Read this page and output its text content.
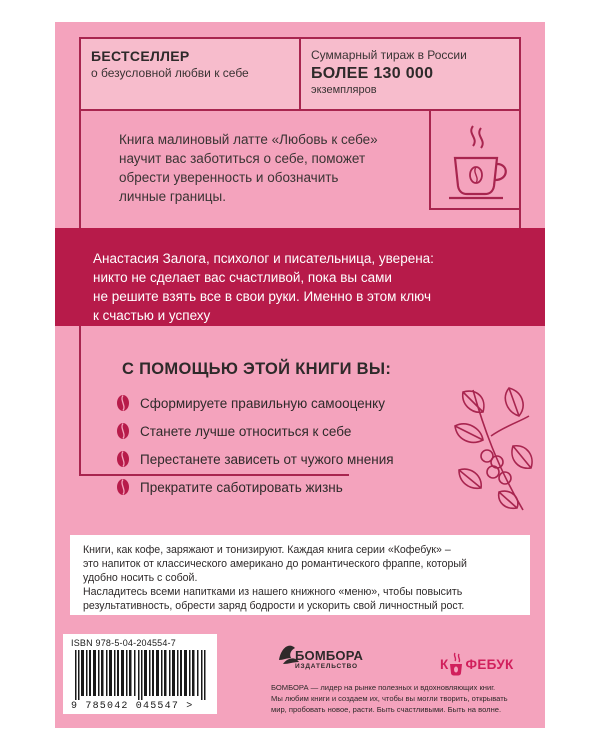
БЕСТСЕЛЛЕР
о безусловной любви к себе
Суммарный тираж в России
БОЛЕЕ 130 000
экземпляров
Книга малиновый латте «Любовь к себе»
научит вас заботиться о себе, поможет
обрести уверенность и обозначить
личные границы.
Анастасия Залога, психолог и писательница, уверена:
никто не сделает вас счастливой, пока вы сами
не решите взять все в свои руки. Именно в этом ключ
к счастью и успеху
С ПОМОЩЬЮ ЭТОЙ КНИГИ ВЫ:
Сформируете правильную самооценку
Станете лучше относиться к себе
Перестанете зависеть от чужого мнения
Прекратите саботировать жизнь
Книги, как кофе, заряжают и тонизируют. Каждая книга серии «Кофебук» –
это напиток от классического американо до романтического фраппе, который
удобно носить с собой.
Насладитесь всеми напитками из нашего книжного «меню», чтобы повысить
результативность, обрести заряд бодрости и ускорить свой личностный рост.
ISBN 978-5-04-204554-7
9 785042 045547 >
БОМБОРА
ИЗДАТЕЛЬСТВО
БОМБОРА — лидер на рынке полезных и вдохновляющих книг.
Мы любим книги и создаем их, чтобы вы могли творить, открывать
мир, пробовать новое, расти. Быть счастливыми. Быть на волне.
К ФЕБУК
